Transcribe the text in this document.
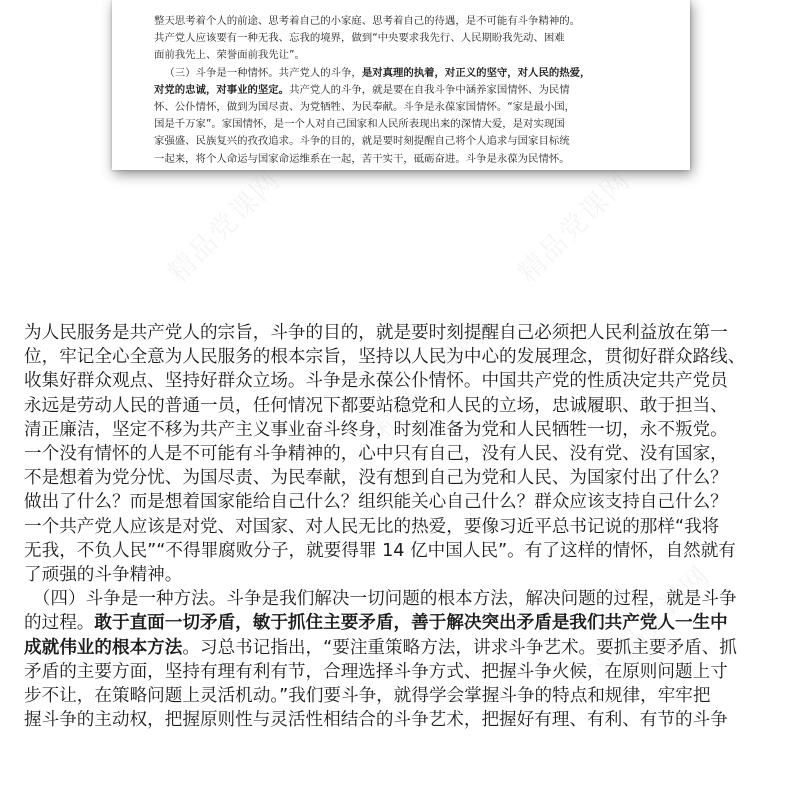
整天思考着个人的前途、思考着自己的小家庭、思考着自己的待遇，是不可能有斗争精神的。

共产党人应该要有一种无我、忘我的境界，做到“中央要求我先行、人民期盼我先动、困难

面前我先上、荣誉面前我先让”。

（三）斗争是一种情怀。共产党人的斗争，是对真理的执着，对正义的坚守，对人民的热爱，

对党的忠诚，对事业的坚定。共产党人的斗争，就是要在自我斗争中涵养家国情怀、为民情

怀、公仆情怀，做到为国尽责、为党牺牲、为民奉献。斗争是永葆家国情怀。“家是最小国，

国是千万家”。家国情怀，是一个人对自己国家和人民所表现出来的深情大爱，是对实现国

家强盛、民族复兴的孜孜追求。斗争的目的，就是要时刻提醒自己将个人追求与国家目标统

一起来，将个人命运与国家命运维系在一起，苦干实干，砥砺奋进。斗争是永葆为民情怀。

精品党课网	精品党课网
精品党课网
精品党课网
为人民服务是共产党人的宗旨，斗争的目的，就是要时刻提醒自己必须把人民利益放在第一
位，牢记全心全意为人民服务的根本宗旨，坚持以人民为中心的发展理念，贯彻好群众路线、
收集好群众观点、坚持好群众立场。斗争是永葆公仆情怀。中国共产党的性质决定共产党员
永远是劳动人民的普通一员，任何情况下都要站稳党和人民的立场，忠诚履职、敢于担当、
清正廉洁，坚定不移为共产主义事业奋斗终身，时刻准备为党和人民牺牲一切，永不叛党。
一个没有情怀的人是不可能有斗争精神的，心中只有自己，没有人民、没有党、没有国家，
不是想着为党分忧、为国尽责、为民奉献，没有想到自己为党和人民、为国家付出了什么？
做出了什么？而是想着国家能给自己什么？组织能关心自己什么？群众应该支持自己什么？
一个共产党人应该是对党、对国家、对人民无比的热爱，要像习近平总书记说的那样“我将
无我，不负人民”“不得罪腐败分子，就要得罪 14 亿中国人民”。有了这样的情怀，自然就有
了顽强的斗争精神。
（四）斗争是一种方法。斗争是我们解决一切问题的根本方法，解决问题的过程，就是斗争
的过程。敢于直面一切矛盾，敏于抓住主要矛盾，善于解决突出矛盾是我们共产党人一生中
成就伟业的根本方法。习总书记指出，“要注重策略方法，讲求斗争艺术。要抓主要矛盾、抓
矛盾的主要方面，坚持有理有利有节，合理选择斗争方式、把握斗争火候，在原则问题上寸
步不让，在策略问题上灵活机动。”我们要斗争，就得学会掌握斗争的特点和规律，牢牢把
握斗争的主动权，把握原则性与灵活性相结合的斗争艺术，把握好有理、有利、有节的斗争
